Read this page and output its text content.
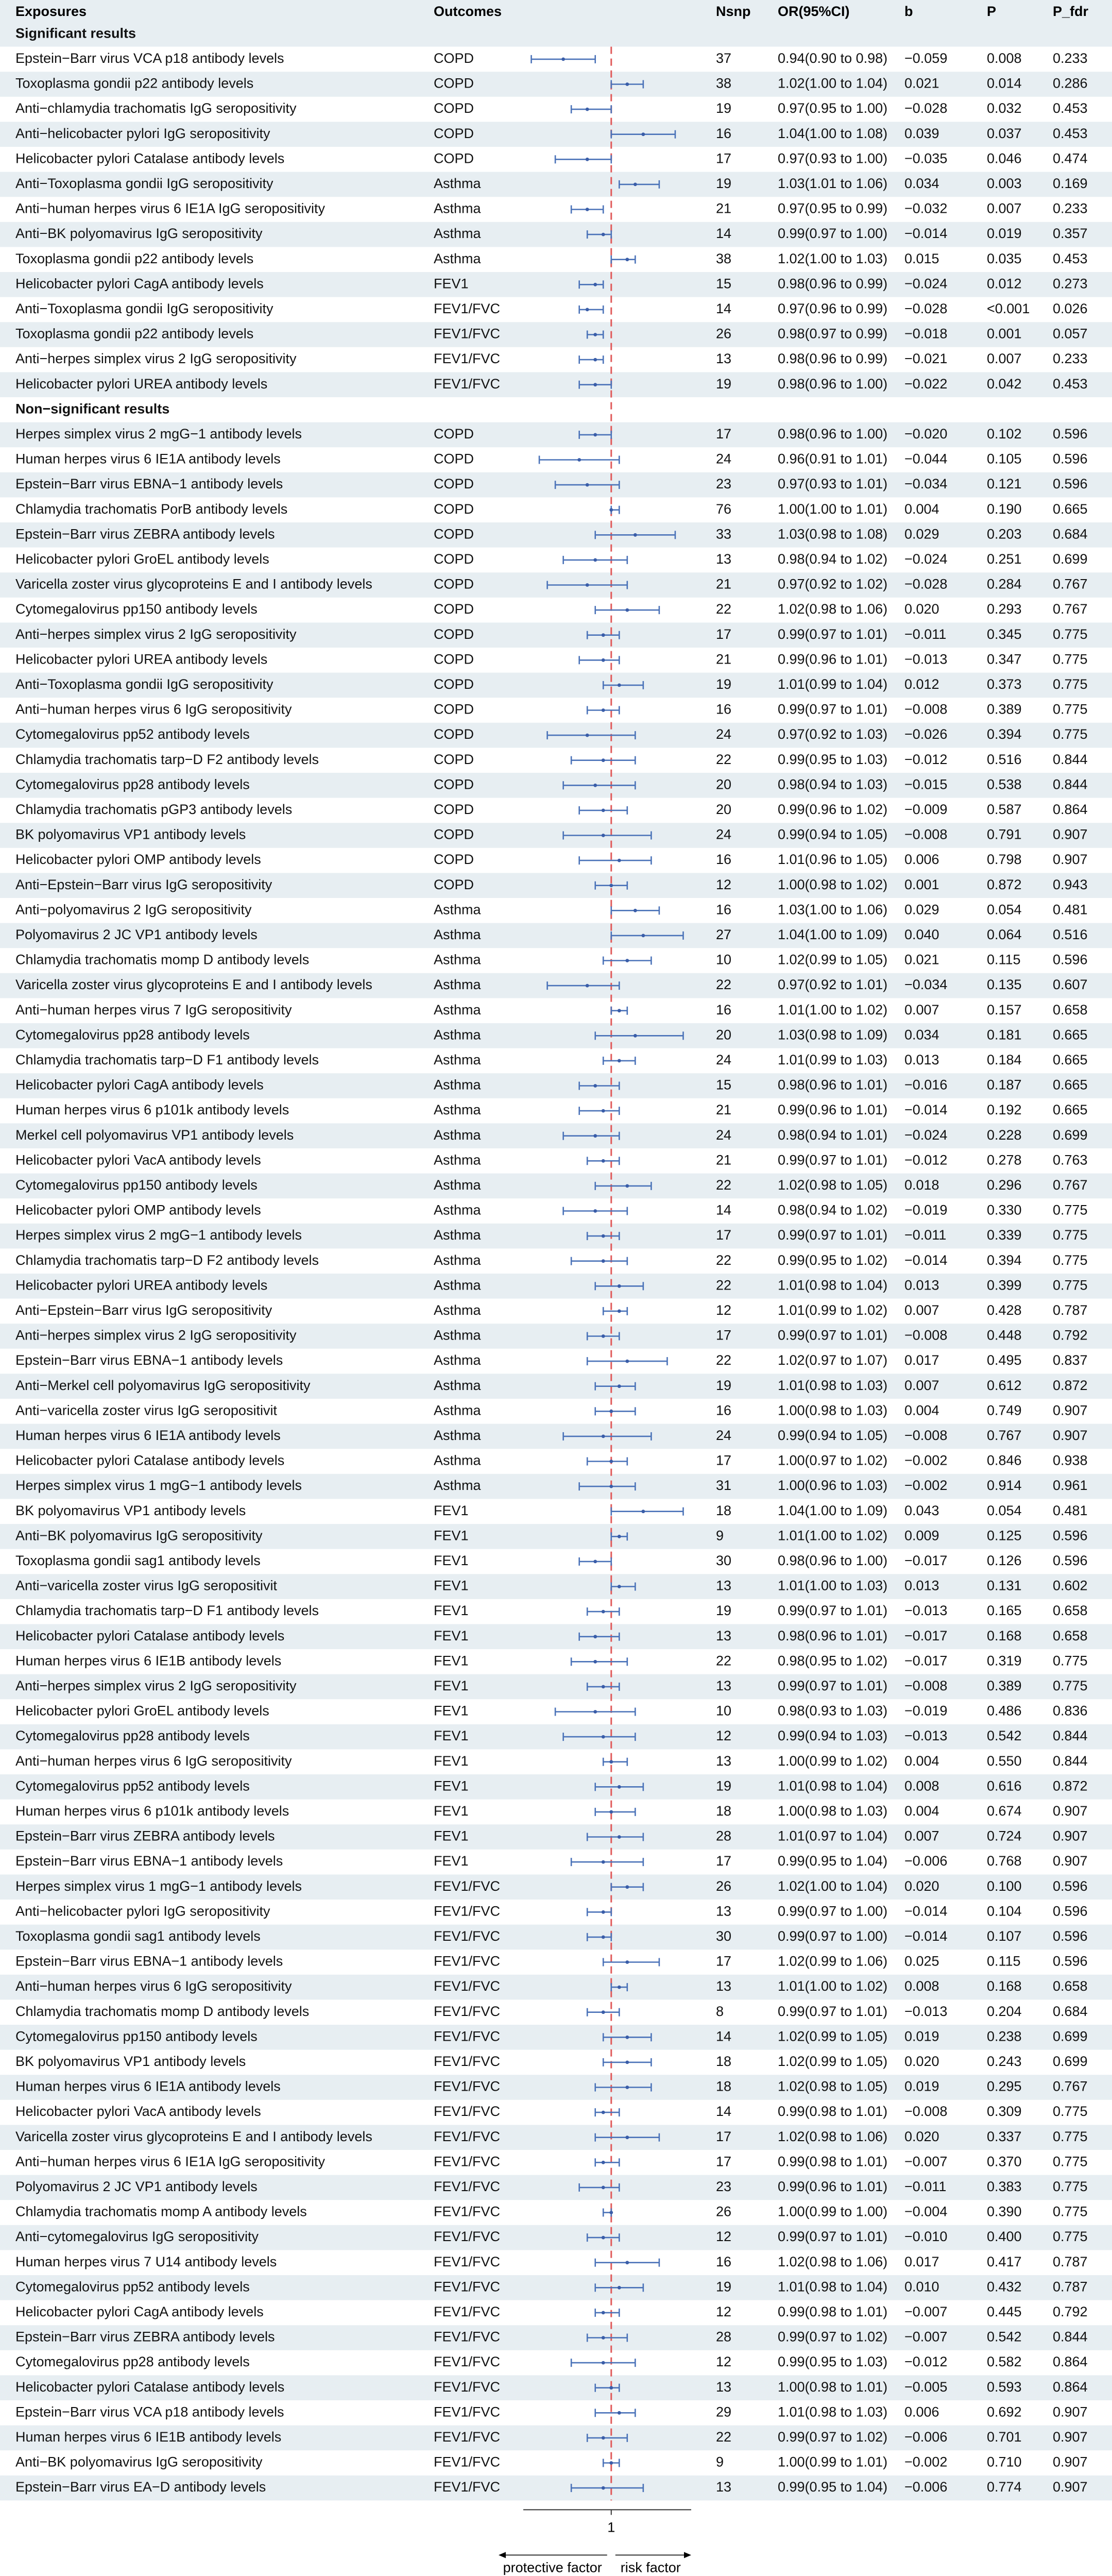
Exposures	Outcomes	Nsnp OR(95%CI)	b	P	P_fdr
Significant results
Epstein−Barr virus VCA p18 antibody levels	COPD	37	0.94(0.90 to 0.98) −0.059	0.008 0.233
Toxoplasma gondii p22 antibody levels	COPD	38	1.02(1.00 to 1.04) 0.021	0.014 0.286
Anti−chlamydia trachomatis IgG seropositivity	COPD	19	0.97(0.95 to 1.00) −0.028	0.032 0.453
Anti−helicobacter pylori IgG seropositivity	COPD	16	1.04(1.00 to 1.08) 0.039	0.037 0.453
Helicobacter pylori Catalase antibody levels	COPD	17	0.97(0.93 to 1.00) −0.035	0.046 0.474
Anti−Toxoplasma gondii IgG seropositivity	Asthma	19	1.03(1.01 to 1.06) 0.034	0.003 0.169
Anti−human herpes virus 6 IE1A IgG seropositivity	Asthma	21	0.97(0.95 to 0.99) −0.032	0.007 0.233
Anti−BK polyomavirus IgG seropositivity	Asthma	14	0.99(0.97 to 1.00) −0.014	0.019 0.357
Toxoplasma gondii p22 antibody levels	Asthma	38	1.02(1.00 to 1.03) 0.015	0.035 0.453
Helicobacter pylori CagA antibody levels	FEV1	15	0.98(0.96 to 0.99) −0.024	0.012 0.273
Anti−Toxoplasma gondii IgG seropositivity	FEV1/FVC	14	0.97(0.96 to 0.99) −0.028	<0.001 0.026
Toxoplasma gondii p22 antibody levels	FEV1/FVC	26	0.98(0.97 to 0.99) −0.018	0.001 0.057
Anti−herpes simplex virus 2 IgG seropositivity	FEV1/FVC	13	0.98(0.96 to 0.99) −0.021	0.007 0.233
Helicobacter pylori UREA antibody levels	FEV1/FVC	19	0.98(0.96 to 1.00) −0.022	0.042 0.453
Non−significant results
Herpes simplex virus 2 mgG−1 antibody levels	COPD	17	0.98(0.96 to 1.00) −0.020	0.102 0.596
Human herpes virus 6 IE1A antibody levels	COPD	24	0.96(0.91 to 1.01) −0.044	0.105 0.596
Epstein−Barr virus EBNA−1 antibody levels	COPD	23	0.97(0.93 to 1.01) −0.034	0.121 0.596
Chlamydia trachomatis PorB antibody levels	COPD	76	1.00(1.00 to 1.01) 0.004	0.190 0.665
Epstein−Barr virus ZEBRA antibody levels	COPD	33	1.03(0.98 to 1.08) 0.029	0.203 0.684
Helicobacter pylori GroEL antibody levels	COPD	13	0.98(0.94 to 1.02) −0.024	0.251 0.699
Varicella zoster virus glycoproteins E and I antibody levels	COPD	21	0.97(0.92 to 1.02) −0.028	0.284 0.767
Cytomegalovirus pp150 antibody levels	COPD	22	1.02(0.98 to 1.06) 0.020	0.293 0.767
Anti−herpes simplex virus 2 IgG seropositivity	COPD	17	0.99(0.97 to 1.01) −0.011	0.345 0.775
Helicobacter pylori UREA antibody levels	COPD	21	0.99(0.96 to 1.01) −0.013	0.347 0.775
Anti−Toxoplasma gondii IgG seropositivity	COPD	19	1.01(0.99 to 1.04) 0.012	0.373 0.775
Anti−human herpes virus 6 IgG seropositivity	COPD	16	0.99(0.97 to 1.01) −0.008	0.389 0.775
Cytomegalovirus pp52 antibody levels	COPD	24	0.97(0.92 to 1.03) −0.026	0.394 0.775
Chlamydia trachomatis tarp−D F2 antibody levels	COPD	22	0.99(0.95 to 1.03) −0.012	0.516 0.844
Cytomegalovirus pp28 antibody levels	COPD	20	0.98(0.94 to 1.03) −0.015	0.538 0.844
Chlamydia trachomatis pGP3 antibody levels	COPD	20	0.99(0.96 to 1.02) −0.009	0.587 0.864
BK polyomavirus VP1 antibody levels	COPD	24	0.99(0.94 to 1.05) −0.008	0.791 0.907
Helicobacter pylori OMP antibody levels	COPD	16	1.01(0.96 to 1.05) 0.006	0.798 0.907
Anti−Epstein−Barr virus IgG seropositivity	COPD	12	1.00(0.98 to 1.02) 0.001	0.872 0.943
Anti−polyomavirus 2 IgG seropositivity	Asthma	16	1.03(1.00 to 1.06) 0.029	0.054 0.481
Polyomavirus 2 JC VP1 antibody levels	Asthma	27	1.04(1.00 to 1.09) 0.040	0.064 0.516
Chlamydia trachomatis momp D antibody levels	Asthma	10	1.02(0.99 to 1.05) 0.021	0.115 0.596
Varicella zoster virus glycoproteins E and I antibody levels	Asthma	22	0.97(0.92 to 1.01) −0.034	0.135 0.607
Anti−human herpes virus 7 IgG seropositivity	Asthma	16	1.01(1.00 to 1.02) 0.007	0.157 0.658
Cytomegalovirus pp28 antibody levels	Asthma	20	1.03(0.98 to 1.09) 0.034	0.181 0.665
Chlamydia trachomatis tarp−D F1 antibody levels	Asthma	24	1.01(0.99 to 1.03) 0.013	0.184 0.665
Helicobacter pylori CagA antibody levels	Asthma	15	0.98(0.96 to 1.01) −0.016	0.187 0.665
Human herpes virus 6 p101k antibody levels	Asthma	21	0.99(0.96 to 1.01) −0.014	0.192 0.665
Merkel cell polyomavirus VP1 antibody levels	Asthma	24	0.98(0.94 to 1.01) −0.024	0.228 0.699
Helicobacter pylori VacA antibody levels	Asthma	21	0.99(0.97 to 1.01) −0.012	0.278 0.763
Cytomegalovirus pp150 antibody levels	Asthma	22	1.02(0.98 to 1.05) 0.018	0.296 0.767
Helicobacter pylori OMP antibody levels	Asthma	14	0.98(0.94 to 1.02) −0.019	0.330 0.775
Herpes simplex virus 2 mgG−1 antibody levels	Asthma	17	0.99(0.97 to 1.01) −0.011	0.339 0.775
Chlamydia trachomatis tarp−D F2 antibody levels	Asthma	22	0.99(0.95 to 1.02) −0.014	0.394 0.775
Helicobacter pylori UREA antibody levels	Asthma	22	1.01(0.98 to 1.04) 0.013	0.399 0.775
Anti−Epstein−Barr virus IgG seropositivity	Asthma	12	1.01(0.99 to 1.02) 0.007	0.428 0.787
Anti−herpes simplex virus 2 IgG seropositivity	Asthma	17	0.99(0.97 to 1.01) −0.008	0.448 0.792
Epstein−Barr virus EBNA−1 antibody levels	Asthma	22	1.02(0.97 to 1.07) 0.017	0.495 0.837
Anti−Merkel cell polyomavirus IgG seropositivity	Asthma	19	1.01(0.98 to 1.03) 0.007	0.612 0.872
Anti−varicella zoster virus IgG seropositivit	Asthma	16	1.00(0.98 to 1.03) 0.004	0.749 0.907
Human herpes virus 6 IE1A antibody levels	Asthma	24	0.99(0.94 to 1.05) −0.008	0.767 0.907
Helicobacter pylori Catalase antibody levels	Asthma	17	1.00(0.97 to 1.02) −0.002	0.846 0.938
Herpes simplex virus 1 mgG−1 antibody levels	Asthma	31	1.00(0.96 to 1.03) −0.002	0.914 0.961
BK polyomavirus VP1 antibody levels	FEV1	18	1.04(1.00 to 1.09) 0.043	0.054 0.481
Anti−BK polyomavirus IgG seropositivity	FEV1	9	1.01(1.00 to 1.02) 0.009	0.125 0.596
Toxoplasma gondii sag1 antibody levels	FEV1	30	0.98(0.96 to 1.00) −0.017	0.126 0.596
Anti−varicella zoster virus IgG seropositivit	FEV1	13	1.01(1.00 to 1.03) 0.013	0.131 0.602
Chlamydia trachomatis tarp−D F1 antibody levels	FEV1	19	0.99(0.97 to 1.01) −0.013	0.165 0.658
Helicobacter pylori Catalase antibody levels	FEV1	13	0.98(0.96 to 1.01) −0.017	0.168 0.658
Human herpes virus 6 IE1B antibody levels	FEV1	22	0.98(0.95 to 1.02) −0.017	0.319 0.775
Anti−herpes simplex virus 2 IgG seropositivity	FEV1	13	0.99(0.97 to 1.01) −0.008	0.389 0.775
Helicobacter pylori GroEL antibody levels	FEV1	10	0.98(0.93 to 1.03) −0.019	0.486 0.836
Cytomegalovirus pp28 antibody levels	FEV1	12	0.99(0.94 to 1.03) −0.013	0.542 0.844
Anti−human herpes virus 6 IgG seropositivity	FEV1	13	1.00(0.99 to 1.02) 0.004	0.550 0.844
Cytomegalovirus pp52 antibody levels	FEV1	19	1.01(0.98 to 1.04) 0.008	0.616 0.872
Human herpes virus 6 p101k antibody levels	FEV1	18	1.00(0.98 to 1.03) 0.004	0.674 0.907
Epstein−Barr virus ZEBRA antibody levels	FEV1	28	1.01(0.97 to 1.04) 0.007	0.724 0.907
Epstein−Barr virus EBNA−1 antibody levels	FEV1	17	0.99(0.95 to 1.04) −0.006	0.768 0.907
Herpes simplex virus 1 mgG−1 antibody levels	FEV1/FVC	26	1.02(1.00 to 1.04) 0.020	0.100 0.596
Anti−helicobacter pylori IgG seropositivity	FEV1/FVC	13	0.99(0.97 to 1.00) −0.014	0.104 0.596
Toxoplasma gondii sag1 antibody levels	FEV1/FVC	30	0.99(0.97 to 1.00) −0.014	0.107 0.596
Epstein−Barr virus EBNA−1 antibody levels	FEV1/FVC	17	1.02(0.99 to 1.06) 0.025	0.115 0.596
Anti−human herpes virus 6 IgG seropositivity	FEV1/FVC	13	1.01(1.00 to 1.02) 0.008	0.168 0.658
Chlamydia trachomatis momp D antibody levels	FEV1/FVC	8	0.99(0.97 to 1.01) −0.013	0.204 0.684
Cytomegalovirus pp150 antibody levels	FEV1/FVC	14	1.02(0.99 to 1.05) 0.019	0.238 0.699
BK polyomavirus VP1 antibody levels	FEV1/FVC	18	1.02(0.99 to 1.05) 0.020	0.243 0.699
Human herpes virus 6 IE1A antibody levels	FEV1/FVC	18	1.02(0.98 to 1.05) 0.019	0.295 0.767
Helicobacter pylori VacA antibody levels	FEV1/FVC	14	0.99(0.98 to 1.01) −0.008	0.309 0.775
Varicella zoster virus glycoproteins E and I antibody levels	FEV1/FVC	17	1.02(0.98 to 1.06) 0.020	0.337 0.775
Anti−human herpes virus 6 IE1A IgG seropositivity	FEV1/FVC	17	0.99(0.98 to 1.01) −0.007	0.370 0.775
Polyomavirus 2 JC VP1 antibody levels	FEV1/FVC	23	0.99(0.96 to 1.01) −0.011	0.383 0.775
Chlamydia trachomatis momp A antibody levels	FEV1/FVC	26	1.00(0.99 to 1.00) −0.004	0.390 0.775
Anti−cytomegalovirus IgG seropositivity	FEV1/FVC	12	0.99(0.97 to 1.01) −0.010	0.400 0.775
Human herpes virus 7 U14 antibody levels	FEV1/FVC	16	1.02(0.98 to 1.06) 0.017	0.417 0.787
Cytomegalovirus pp52 antibody levels	FEV1/FVC	19	1.01(0.98 to 1.04) 0.010	0.432 0.787
Helicobacter pylori CagA antibody levels	FEV1/FVC	12	0.99(0.98 to 1.01) −0.007	0.445 0.792
Epstein−Barr virus ZEBRA antibody levels	FEV1/FVC	28	0.99(0.97 to 1.02) −0.007	0.542 0.844
Cytomegalovirus pp28 antibody levels	FEV1/FVC	12	0.99(0.95 to 1.03) −0.012	0.582 0.864
Helicobacter pylori Catalase antibody levels	FEV1/FVC	13	1.00(0.98 to 1.01) −0.005	0.593 0.864
Epstein−Barr virus VCA p18 antibody levels	FEV1/FVC	29	1.01(0.98 to 1.03) 0.006	0.692 0.907
Human herpes virus 6 IE1B antibody levels	FEV1/FVC	22	0.99(0.97 to 1.02) −0.006	0.701 0.907
Anti−BK polyomavirus IgG seropositivity	FEV1/FVC	9	1.00(0.99 to 1.01) −0.002	0.710 0.907
Epstein−Barr virus EA−D antibody levels	FEV1/FVC	13	0.99(0.95 to 1.04) −0.006	0.774 0.907
1
protective factor risk factor
